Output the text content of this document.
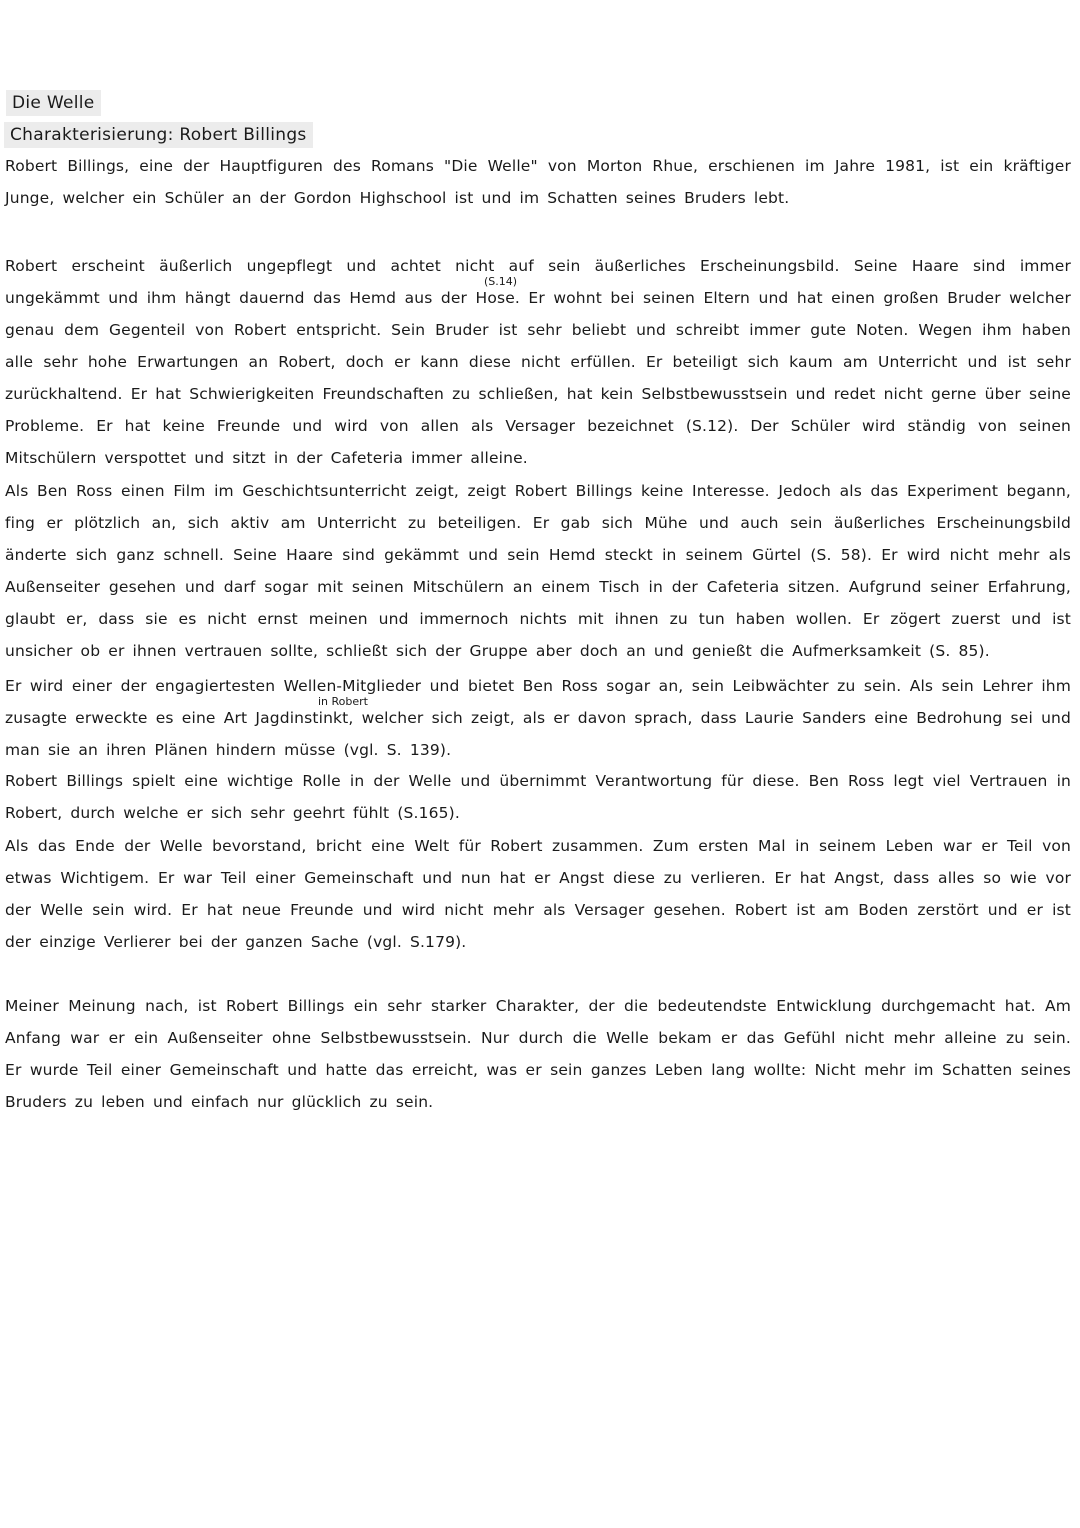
Die Welle
Charakterisierung: Robert Billings

Robert Billings, eine der Hauptfiguren des Romans "Die Welle" von Morton Rhue, erschienen im Jahre 1981, ist ein kräftiger Junge, welcher ein Schüler an der Gordon Highschool ist und im Schatten seines Bruders lebt.

(S.14)

Robert erscheint äußerlich ungepflegt und achtet nicht auf sein äußerliches Erscheinungsbild. Seine Haare sind immer ungekämmt und ihm hängt dauernd das Hemd aus der Hose. Er wohnt bei seinen Eltern und hat einen großen Bruder welcher genau dem Gegenteil von Robert entspricht. Sein Bruder ist sehr beliebt und schreibt immer gute Noten. Wegen ihm haben alle sehr hohe Erwartungen an Robert, doch er kann diese nicht erfüllen. Er beteiligt sich kaum am Unterricht und ist sehr zurückhaltend. Er hat Schwierigkeiten Freundschaften zu schließen, hat kein Selbstbewusstsein und redet nicht gerne über seine Probleme. Er hat keine Freunde und wird von allen als Versager bezeichnet (S.12). Der Schüler wird ständig von seinen Mitschülern verspottet und sitzt in der Cafeteria immer alleine.

Als Ben Ross einen Film im Geschichtsunterricht zeigt, zeigt Robert Billings keine Interesse. Jedoch als das Experiment begann, fing er plötzlich an, sich aktiv am Unterricht zu beteiligen. Er gab sich Mühe und auch sein äußerliches Erscheinungsbild änderte sich ganz schnell. Seine Haare sind gekämmt und sein Hemd steckt in seinem Gürtel (S. 58). Er wird nicht mehr als Außenseiter gesehen und darf sogar mit seinen Mitschülern an einem Tisch in der Cafeteria sitzen. Aufgrund seiner Erfahrung, glaubt er, dass sie es nicht ernst meinen und immernoch nichts mit ihnen zu tun haben wollen. Er zögert zuerst und ist unsicher ob er ihnen vertrauen sollte, schließt sich der Gruppe aber doch an und genießt die Aufmerksamkeit (S. 85).

in Robert

Er wird einer der engagiertesten Wellen-Mitglieder und bietet Ben Ross sogar an, sein Leibwächter zu sein. Als sein Lehrer ihm zusagte erweckte es eine Art Jagdinstinkt, welcher sich zeigt, als er davon sprach, dass Laurie Sanders eine Bedrohung sei und man sie an ihren Plänen hindern müsse (vgl. S. 139).

Robert Billings spielt eine wichtige Rolle in der Welle und übernimmt Verantwortung für diese. Ben Ross legt viel Vertrauen in Robert, durch welche er sich sehr geehrt fühlt (S.165).

Als das Ende der Welle bevorstand, bricht eine Welt für Robert zusammen. Zum ersten Mal in seinem Leben war er Teil von etwas Wichtigem. Er war Teil einer Gemeinschaft und nun hat er Angst diese zu verlieren. Er hat Angst, dass alles so wie vor der Welle sein wird. Er hat neue Freunde und wird nicht mehr als Versager gesehen. Robert ist am Boden zerstört und er ist der einzige Verlierer bei der ganzen Sache (vgl. S.179).

Meiner Meinung nach, ist Robert Billings ein sehr starker Charakter, der die bedeutendste Entwicklung durchgemacht hat. Am Anfang war er ein Außenseiter ohne Selbstbewusstsein. Nur durch die Welle bekam er das Gefühl nicht mehr alleine zu sein. Er wurde Teil einer Gemeinschaft und hatte das erreicht, was er sein ganzes Leben lang wollte: Nicht mehr im Schatten seines Bruders zu leben und einfach nur glücklich zu sein.
